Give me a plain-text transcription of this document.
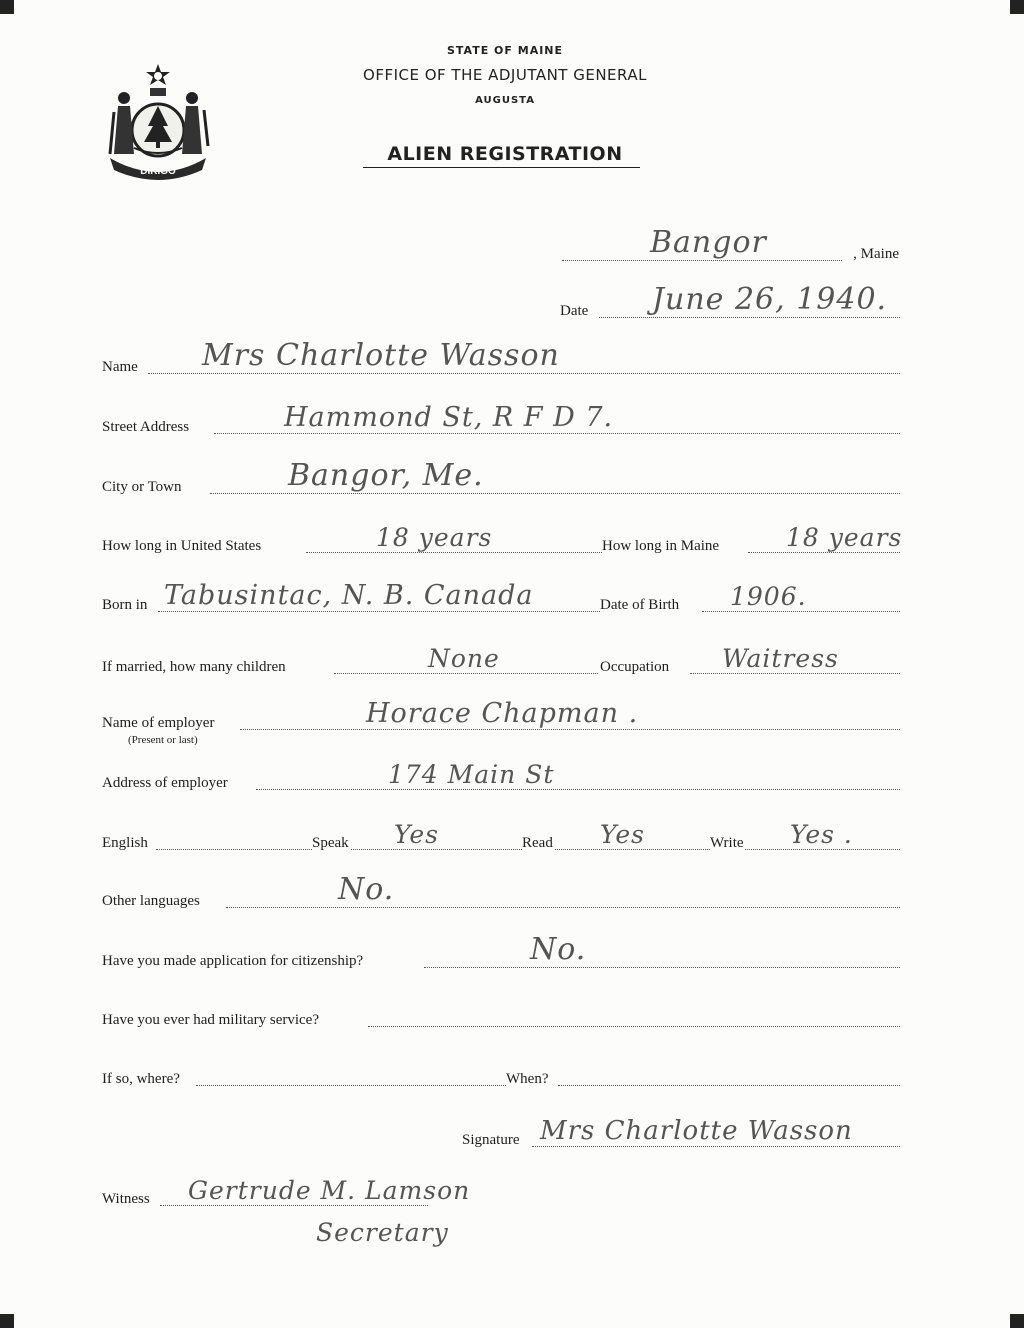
DIRIGO
STATE OF MAINE
OFFICE OF THE ADJUTANT GENERAL
AUGUSTA
ALIEN REGISTRATION
Bangor	, Maine
Date June 26, 1940.
Name Mrs Charlotte Wasson
Street Address	Hammond St, R F D 7.
City or Town	Bangor, Me.
How long in United States	18 years	How long in Maine	18 years
Born in Tabusintac, N. B. Canada	Date of Birth 1906.
If married, how many children	None	Occupation Waitress
Name of employer	Horace Chapman .
(Present or last)
Address of employer	174 Main St
English	Speak Yes	Read Yes	Write Yes .
Other languages	No.
Have you made application for citizenship?	No.
Have you ever had military service?
If so, where?	When?
Signature Mrs Charlotte Wasson
Witness Gertrude M. Lamson
Secretary
